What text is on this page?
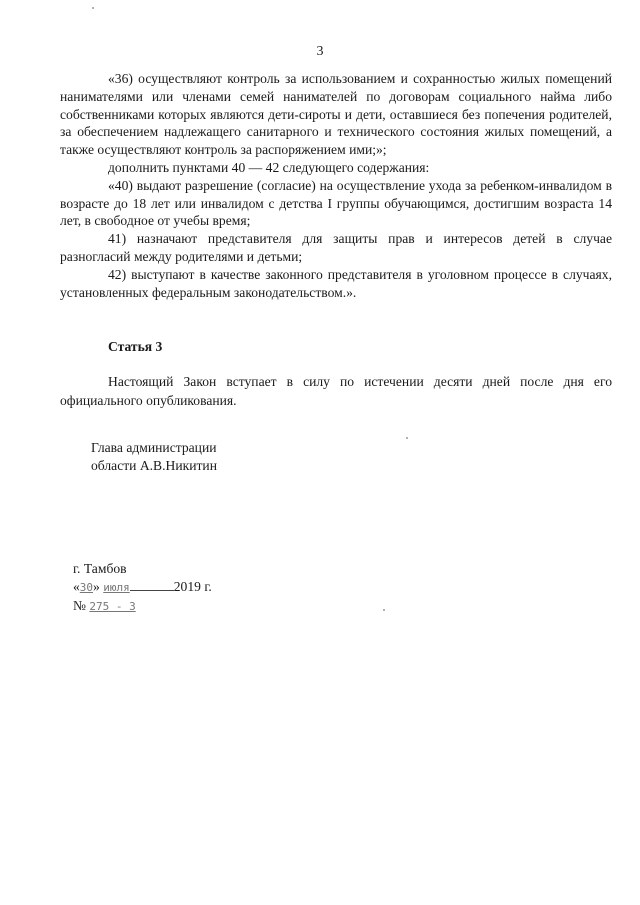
3

«36) осуществляют контроль за использованием и сохранностью жилых помещений нанимателями или членами семей нанимателей по договорам социального найма либо собственниками которых являются дети-сироты и дети, оставшиеся без попечения родителей, за обеспечением надлежащего санитарного и технического состояния жилых помещений, а также осуществляют контроль за распоряжением ими;»;

дополнить пунктами 40 — 42 следующего содержания:

«40) выдают разрешение (согласие) на осуществление ухода за ребенком-инвалидом в возрасте до 18 лет или инвалидом с детства I группы обучающимся, достигшим возраста 14 лет, в свободное от учебы время;

41) назначают представителя для защиты прав и интересов детей в случае разногласий между родителями и детьми;

42) выступают в качестве законного представителя в уголовном процессе в случаях, установленных федеральным законодательством.».

Статья 3

Настоящий Закон вступает в силу по истечении десяти дней после дня его официального опубликования.

Глава администрации
области А.В.Никитин
г. Тамбов
«30» июля	2019 г.
№ 275 - З
